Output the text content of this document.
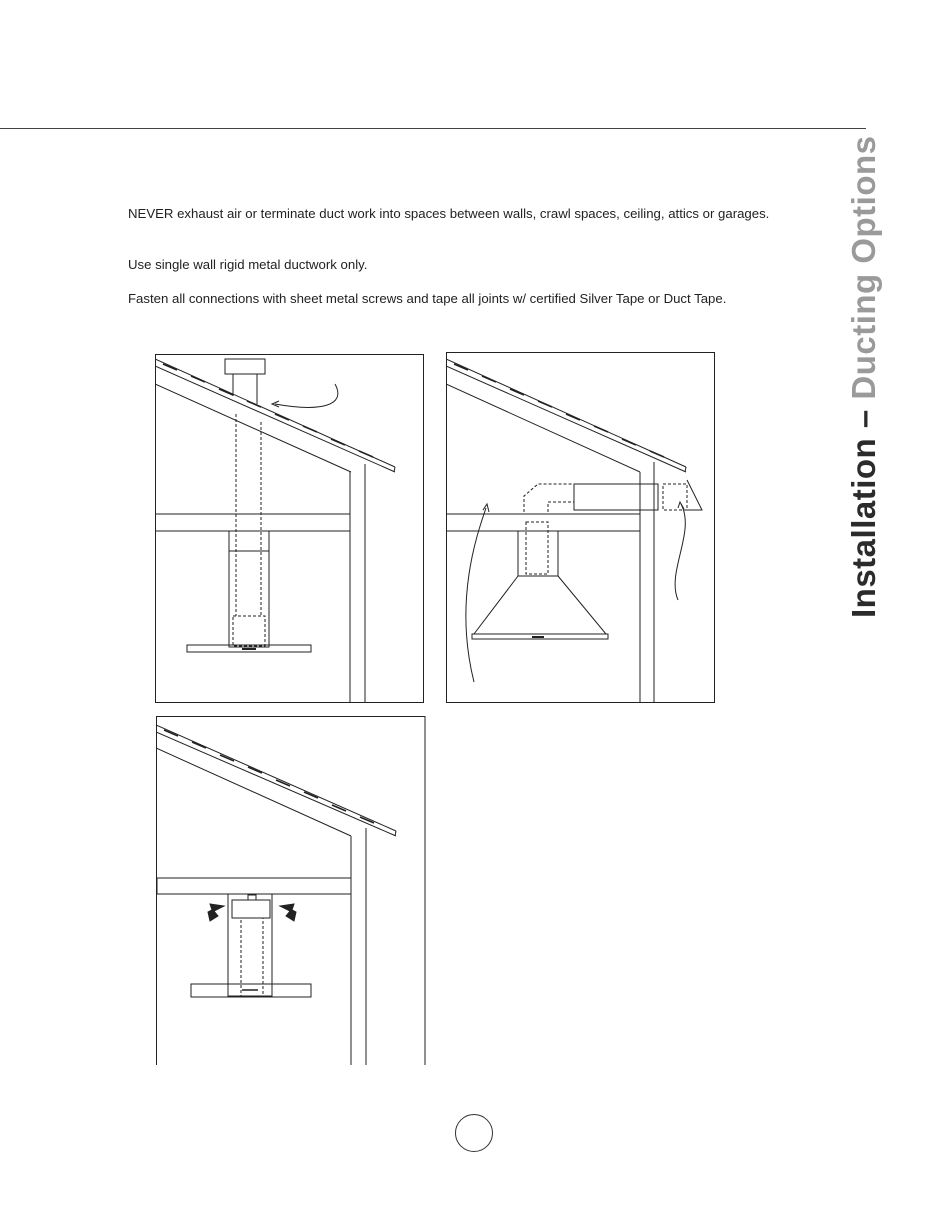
Installation – Ducting Options

NEVER exhaust air or terminate duct work into spaces between walls, crawl spaces, ceiling, attics or garages.

Use single wall rigid metal ductwork only.

Fasten all connections with sheet metal screws and tape all joints w/ certified Silver Tape or Duct Tape.
